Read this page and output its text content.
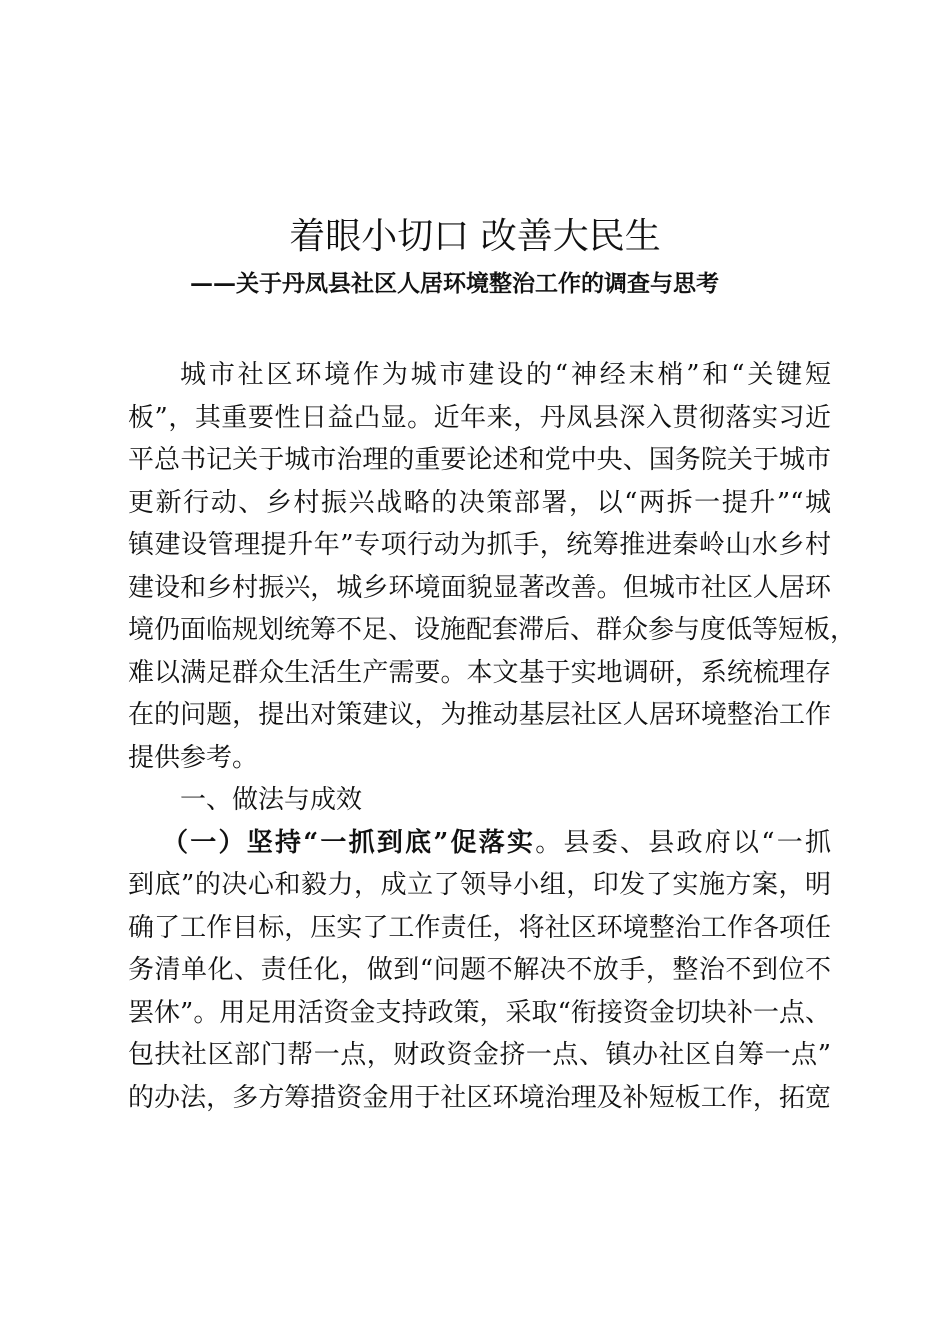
着眼小切口 改善大民生
——关于丹凤县社区人居环境整治工作的调查与思考
城市社区环境作为城市建设的“神经末梢”和“关键短
板”，其重要性日益凸显。近年来，丹凤县深入贯彻落实习近
平总书记关于城市治理的重要论述和党中央、国务院关于城市
更新行动、乡村振兴战略的决策部署，以“两拆一提升”“城
镇建设管理提升年”专项行动为抓手，统筹推进秦岭山水乡村
建设和乡村振兴，城乡环境面貌显著改善。但城市社区人居环
境仍面临规划统筹不足、设施配套滞后、群众参与度低等短板，
难以满足群众生活生产需要。本文基于实地调研，系统梳理存
在的问题，提出对策建议，为推动基层社区人居环境整治工作
提供参考。
一、做法与成效
（一）坚持“一抓到底”促落实。县委、县政府以“一抓
到底”的决心和毅力，成立了领导小组，印发了实施方案，明
确了工作目标，压实了工作责任，将社区环境整治工作各项任
务清单化、责任化，做到“问题不解决不放手，整治不到位不
罢休”。用足用活资金支持政策，采取“衔接资金切块补一点、
包扶社区部门帮一点，财政资金挤一点、镇办社区自筹一点”
的办法，多方筹措资金用于社区环境治理及补短板工作，拓宽
